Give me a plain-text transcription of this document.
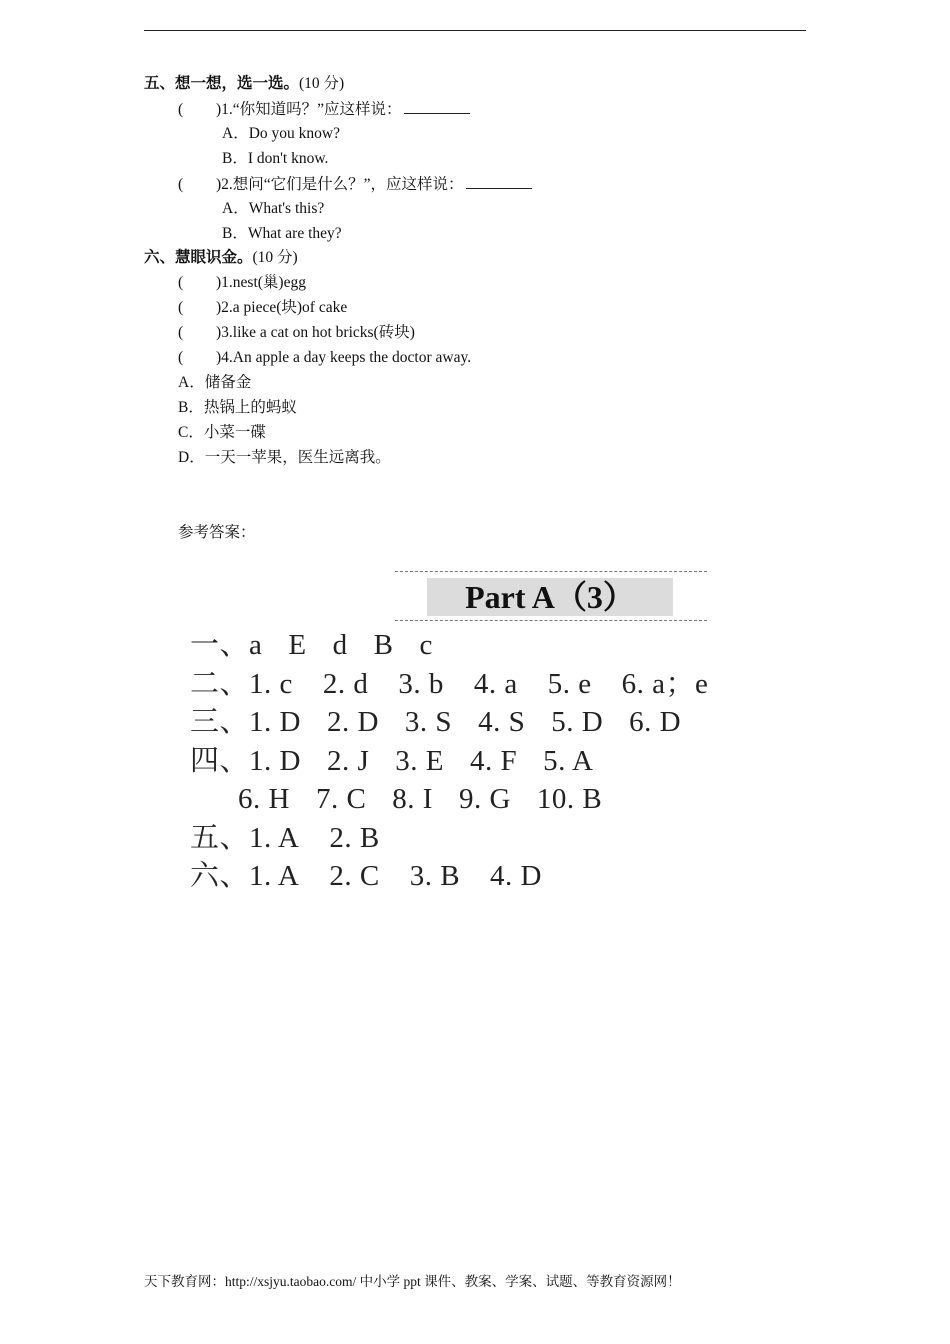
五、想一想，选一选。(10 分)
( )1.“你知道吗？”应这样说：
A．Do you know?
B．I don't know.
( )2.想问“它们是什么？”，应这样说：
A．What's this?
B．What are they?
六、慧眼识金。(10 分)
( )1.nest(巢)egg
( )2.a piece(块)of cake
( )3.like a cat on hot bricks(砖块)
( )4.An apple a day keeps the doctor away.
A．储备金
B．热锅上的蚂蚁
C．小菜一碟
D．一天一苹果，医生远离我。
参考答案：
Part A（3）
一、a E d B c
二、1. c 2. d 3. b 4. a 5. e 6. a；e
三、1. D 2. D 3. S 4. S 5. D 6. D
四、1. D 2. J 3. E 4. F 5. A
6. H 7. C 8. I 9. G 10. B
五、1. A 2. B
六、1. A 2. C 3. B 4. D
天下教育网：http://xsjyu.taobao.com/ 中小学 ppt 课件、教案、学案、试题、等教育资源网！
